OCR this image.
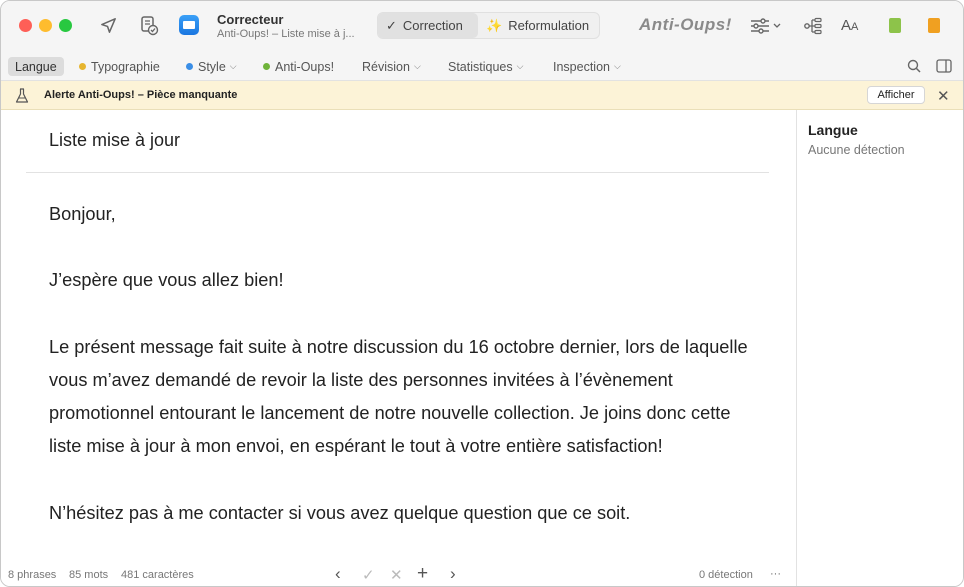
Correcteur
Anti-Oups! – Liste mise à j...
✓ Correction ✨ Reformulation	Anti-Oups!	AA
Langue	Typographie	Style ⌵	Anti-Oups! Révision ⌵ Statistiques ⌵ Inspection ⌵
Alerte Anti-Oups! – Pièce manquante	Afficher	✕
Liste mise à jour

Bonjour,

J’espère que vous allez bien!

Le présent message fait suite à notre discussion du 16 octobre dernier, lors de laquelle vous m’avez demandé de revoir la liste des personnes invitées à l’évènement promotionnel entourant le lancement de notre nouvelle collection. Je joins donc cette liste mise à jour à mon envoi, en espérant le tout à votre entière satisfaction!

N’hésitez pas à me contacter si vous avez quelque question que ce soit.

Langue
Aucune détection
8 phrases 85 mots 481 caractères	‹ ✓ ✕ + ›	0 détection ···
